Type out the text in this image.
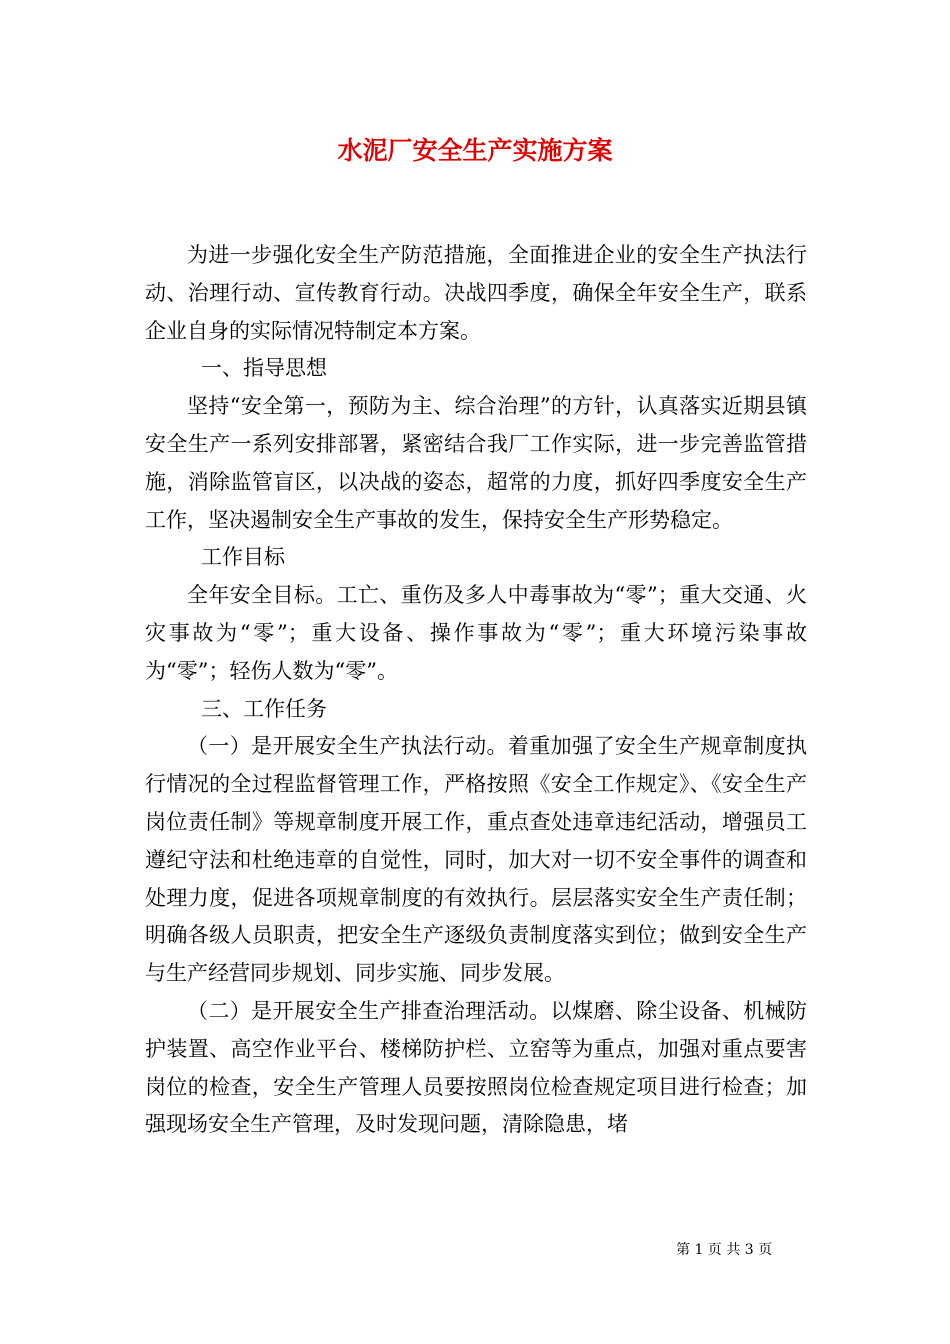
水泥厂安全生产实施方案

为进一步强化安全生产防范措施，全面推进企业的安全生产执法行动、治理行动、宣传教育行动。决战四季度，确保全年安全生产，联系企业自身的实际情况特制定本方案。

一、指导思想

坚持“安全第一，预防为主、综合治理”的方针，认真落实近期县镇安全生产一系列安排部署，紧密结合我厂工作实际，进一步完善监管措施，消除监管盲区，以决战的姿态，超常的力度，抓好四季度安全生产工作，坚决遏制安全生产事故的发生，保持安全生产形势稳定。

工作目标

全年安全目标。工亡、重伤及多人中毒事故为“零”；重大交通、火灾事故为“零”；重大设备、操作事故为“零”；重大环境污染事故为“零”；轻伤人数为“零”。

三、工作任务

（一）是开展安全生产执法行动。着重加强了安全生产规章制度执行情况的全过程监督管理工作，严格按照《安全工作规定》、《安全生产岗位责任制》等规章制度开展工作，重点查处违章违纪活动，增强员工遵纪守法和杜绝违章的自觉性，同时，加大对一切不安全事件的调查和处理力度，促进各项规章制度的有效执行。层层落实安全生产责任制；明确各级人员职责，把安全生产逐级负责制度落实到位；做到安全生产与生产经营同步规划、同步实施、同步发展。

（二）是开展安全生产排查治理活动。以煤磨、除尘设备、机械防护装置、高空作业平台、楼梯防护栏、立窑等为重点，加强对重点要害岗位的检查，安全生产管理人员要按照岗位检查规定项目进行检查；加强现场安全生产管理，及时发现问题，清除隐患，堵

第 1 页 共 3 页
